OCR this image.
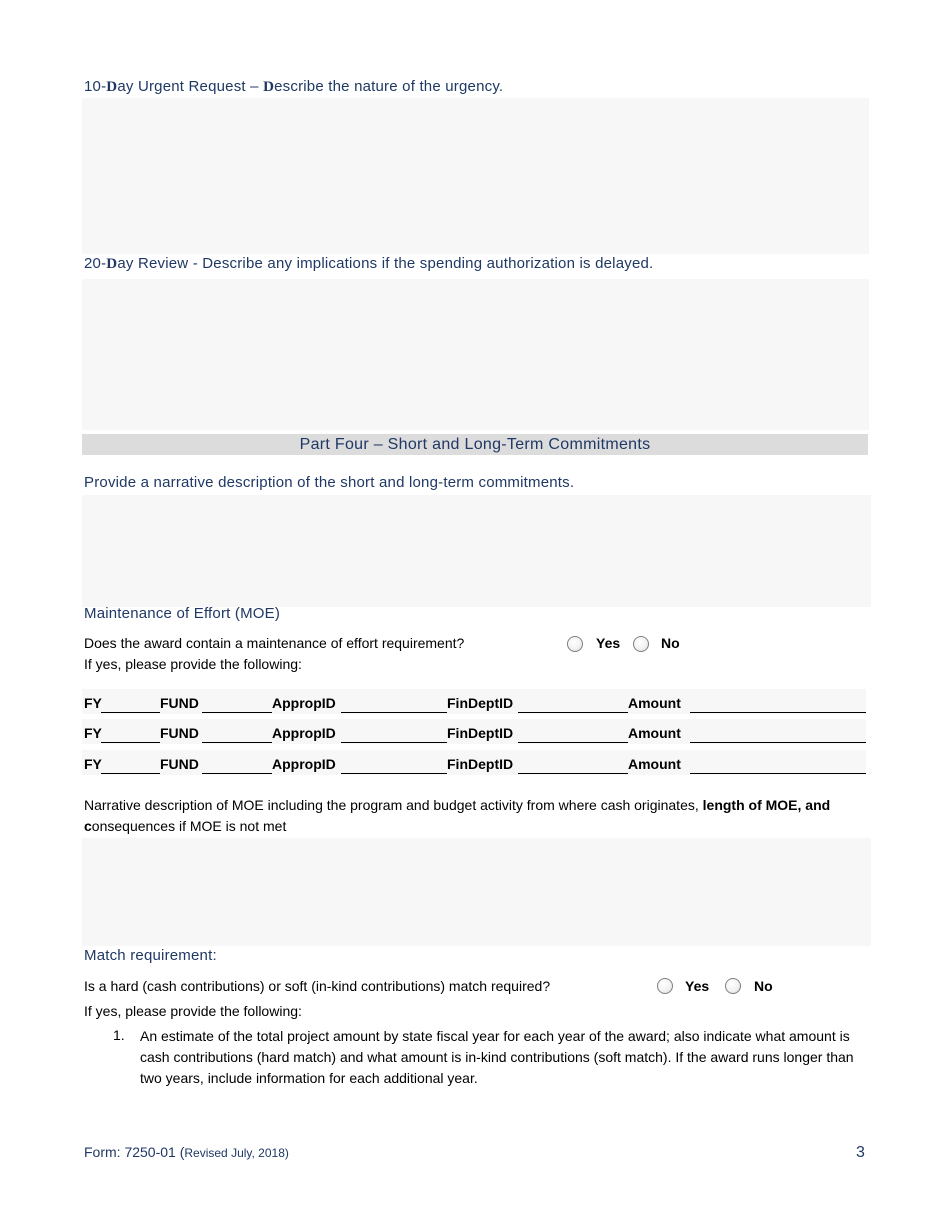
10-Day Urgent Request – Describe the nature of the urgency.
20-Day Review - Describe any implications if the spending authorization is delayed.
Part Four – Short and Long-Term Commitments
Provide a narrative description of the short and long-term commitments.
Maintenance of Effort (MOE)
Does the award contain a maintenance of effort requirement?	Yes	No
If yes, please provide the following:
FY	FUND	AppropID	FinDeptID	Amount
FY	FUND	AppropID	FinDeptID	Amount
FY	FUND	AppropID	FinDeptID	Amount
Narrative description of MOE including the program and budget activity from where cash originates, length of MOE, and consequences if MOE is not met
Match requirement:
Is a hard (cash contributions) or soft (in-kind contributions) match required?	Yes	No
If yes, please provide the following:
1. An estimate of the total project amount by state fiscal year for each year of the award; also indicate what amount is cash contributions (hard match) and what amount is in-kind contributions (soft match). If the award runs longer than two years, include information for each additional year.
Form: 7250-01 (Revised July, 2018)	3
